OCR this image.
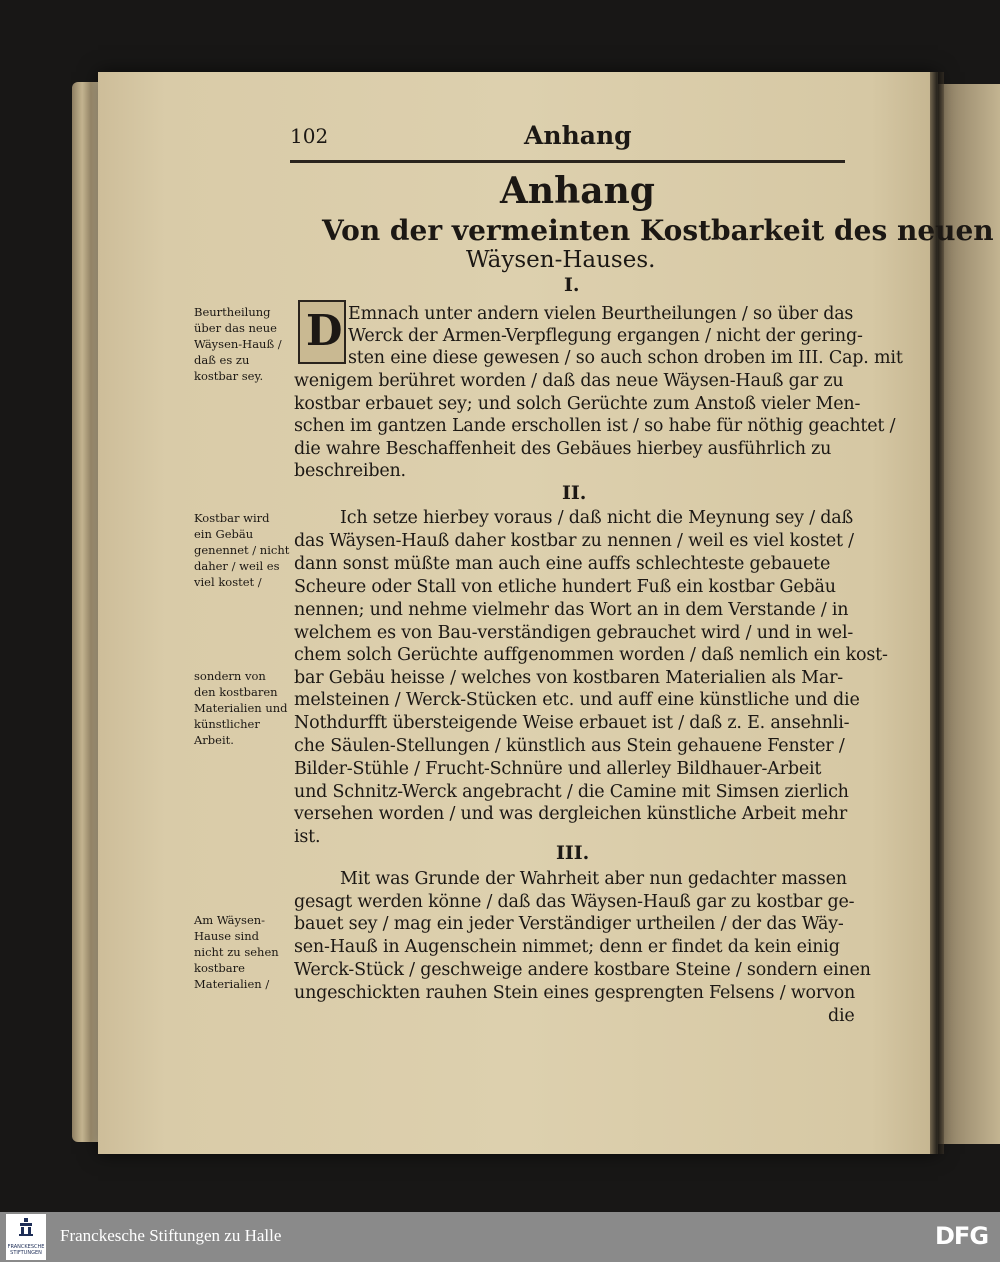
102	Anhang
Anhang
Von der vermeinten Kostbarkeit des neuen
Wäysen-Hauses.
I.
D Emnach unter andern vielen Beurtheilungen / so über das
Werck der Armen-Verpflegung ergangen / nicht der gering-
sten eine diese gewesen / so auch schon droben im III. Cap. mit
wenigem berühret worden / daß das neue Wäysen-Hauß gar zu
kostbar erbauet sey; und solch Gerüchte zum Anstoß vieler Men-
schen im gantzen Lande erschollen ist / so habe für nöthig geachtet /
die wahre Beschaffenheit des Gebäues hierbey ausführlich zu
beschreiben.
Beurtheilung über das neue Wäysen-Hauß / daß es zu kostbar sey.
II.
Ich setze hierbey voraus / daß nicht die Meynung sey / daß
das Wäysen-Hauß daher kostbar zu nennen / weil es viel kostet /
dann sonst müßte man auch eine auffs schlechteste gebauete
Scheure oder Stall von etliche hundert Fuß ein kostbar Gebäu
nennen; und nehme vielmehr das Wort an in dem Verstande / in
welchem es von Bau-verständigen gebrauchet wird / und in wel-
chem solch Gerüchte auffgenommen worden / daß nemlich ein kost-
bar Gebäu heisse / welches von kostbaren Materialien als Mar-
melsteinen / Werck-Stücken etc. und auff eine künstliche und die
Nothdurfft übersteigende Weise erbauet ist / daß z. E. ansehnli-
che Säulen-Stellungen / künstlich aus Stein gehauene Fenster /
Bilder-Stühle / Frucht-Schnüre und allerley Bildhauer-Arbeit
und Schnitz-Werck angebracht / die Camine mit Simsen zierlich
versehen worden / und was dergleichen künstliche Arbeit mehr
ist.
Kostbar wird ein Gebäu genennet / nicht daher / weil es viel kostet /
sondern von den kostbaren Materialien und künstlicher Arbeit.
III.
Mit was Grunde der Wahrheit aber nun gedachter massen
gesagt werden könne / daß das Wäysen-Hauß gar zu kostbar ge-
bauet sey / mag ein jeder Verständiger urtheilen / der das Wäy-
sen-Hauß in Augenschein nimmet; denn er findet da kein einig
Werck-Stück / geschweige andere kostbare Steine / sondern einen
ungeschickten rauhen Stein eines gesprengten Felsens / worvon
die
Am Wäysen-Hause sind nicht zu sehen kostbare Materialien /
FRANCKESCHE
STIFTUNGEN
Franckesche Stiftungen zu Halle	DFG
